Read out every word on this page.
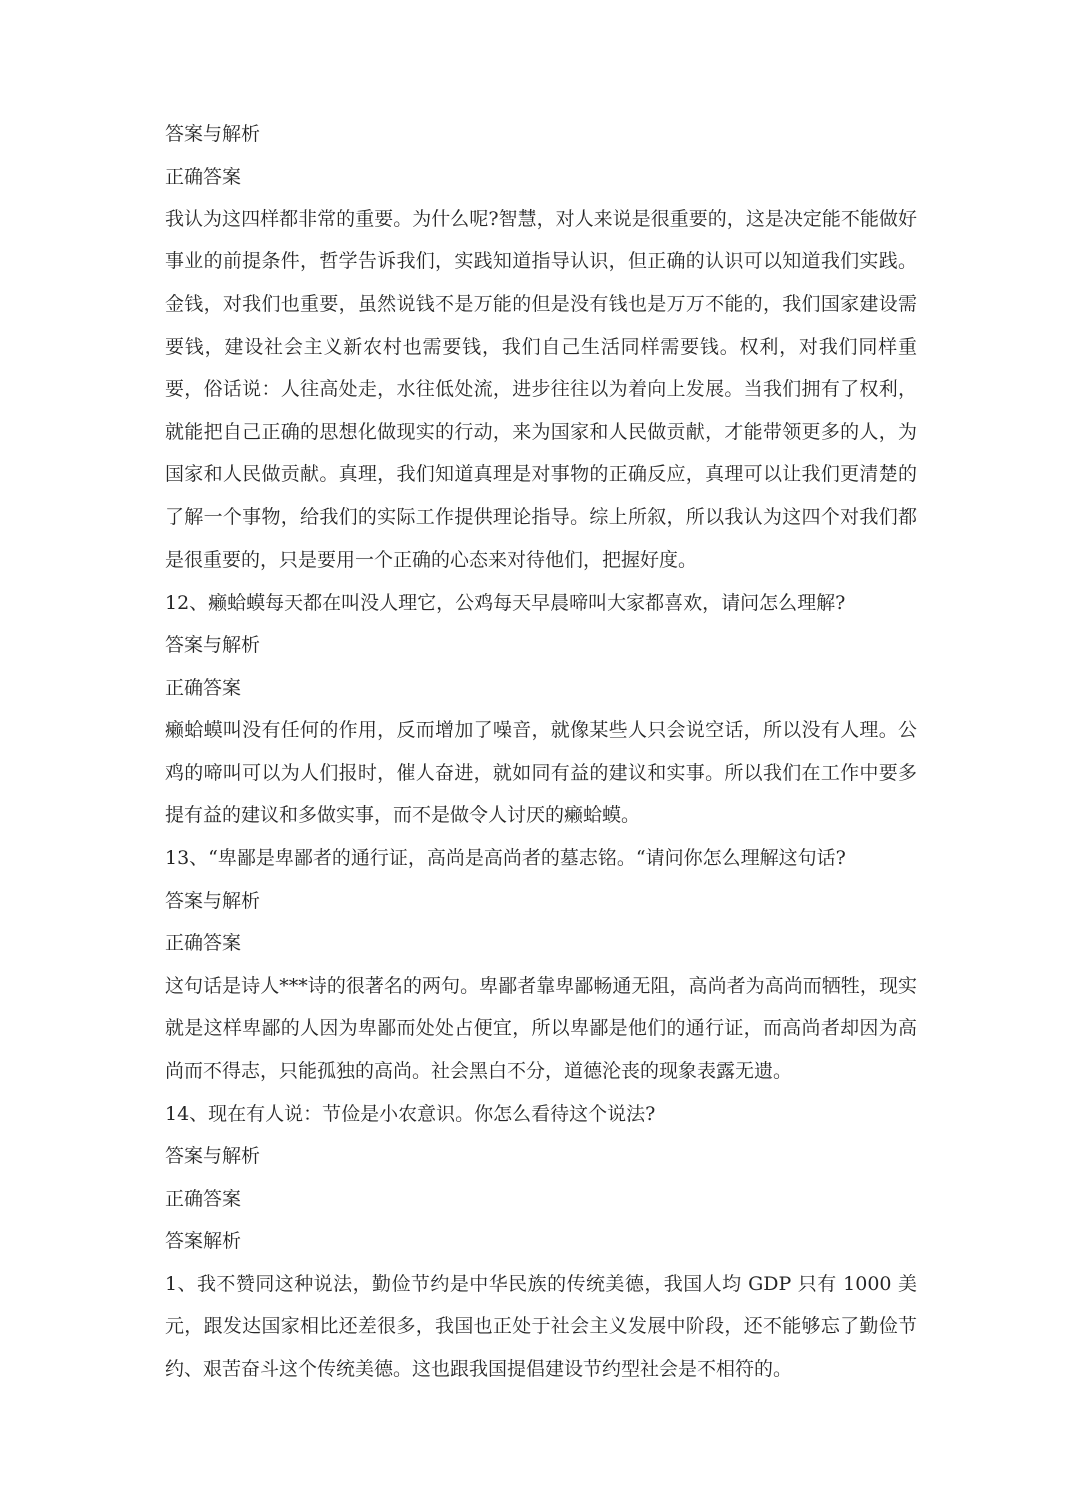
答案与解析
正确答案
我认为这四样都非常的重要。为什么呢?智慧，对人来说是很重要的，这是决定能不能做好事业的前提条件，哲学告诉我们，实践知道指导认识，但正确的认识可以知道我们实践。金钱，对我们也重要，虽然说钱不是万能的但是没有钱也是万万不能的，我们国家建设需要钱，建设社会主义新农村也需要钱，我们自己生活同样需要钱。权利，对我们同样重要，俗话说：人往高处走，水往低处流，进步往往以为着向上发展。当我们拥有了权利，就能把自己正确的思想化做现实的行动，来为国家和人民做贡献，才能带领更多的人，为国家和人民做贡献。真理，我们知道真理是对事物的正确反应，真理可以让我们更清楚的了解一个事物，给我们的实际工作提供理论指导。综上所叙，所以我认为这四个对我们都是很重要的，只是要用一个正确的心态来对待他们，把握好度。
12、癞蛤蟆每天都在叫没人理它，公鸡每天早晨啼叫大家都喜欢，请问怎么理解?
答案与解析
正确答案
癞蛤蟆叫没有任何的作用，反而增加了噪音，就像某些人只会说空话，所以没有人理。公鸡的啼叫可以为人们报时，催人奋进，就如同有益的建议和实事。所以我们在工作中要多提有益的建议和多做实事，而不是做令人讨厌的癞蛤蟆。
13、“卑鄙是卑鄙者的通行证，高尚是高尚者的墓志铭。“请问你怎么理解这句话?
答案与解析
正确答案
这句话是诗人***诗的很著名的两句。卑鄙者靠卑鄙畅通无阻，高尚者为高尚而牺牲，现实就是这样卑鄙的人因为卑鄙而处处占便宜，所以卑鄙是他们的通行证，而高尚者却因为高尚而不得志，只能孤独的高尚。社会黑白不分，道德沦丧的现象表露无遗。
14、现在有人说：节俭是小农意识。你怎么看待这个说法?
答案与解析
正确答案
答案解析
1、我不赞同这种说法，勤俭节约是中华民族的传统美德，我国人均 GDP 只有 1000 美元，跟发达国家相比还差很多，我国也正处于社会主义发展中阶段，还不能够忘了勤俭节约、艰苦奋斗这个传统美德。这也跟我国提倡建设节约型社会是不相符的。
